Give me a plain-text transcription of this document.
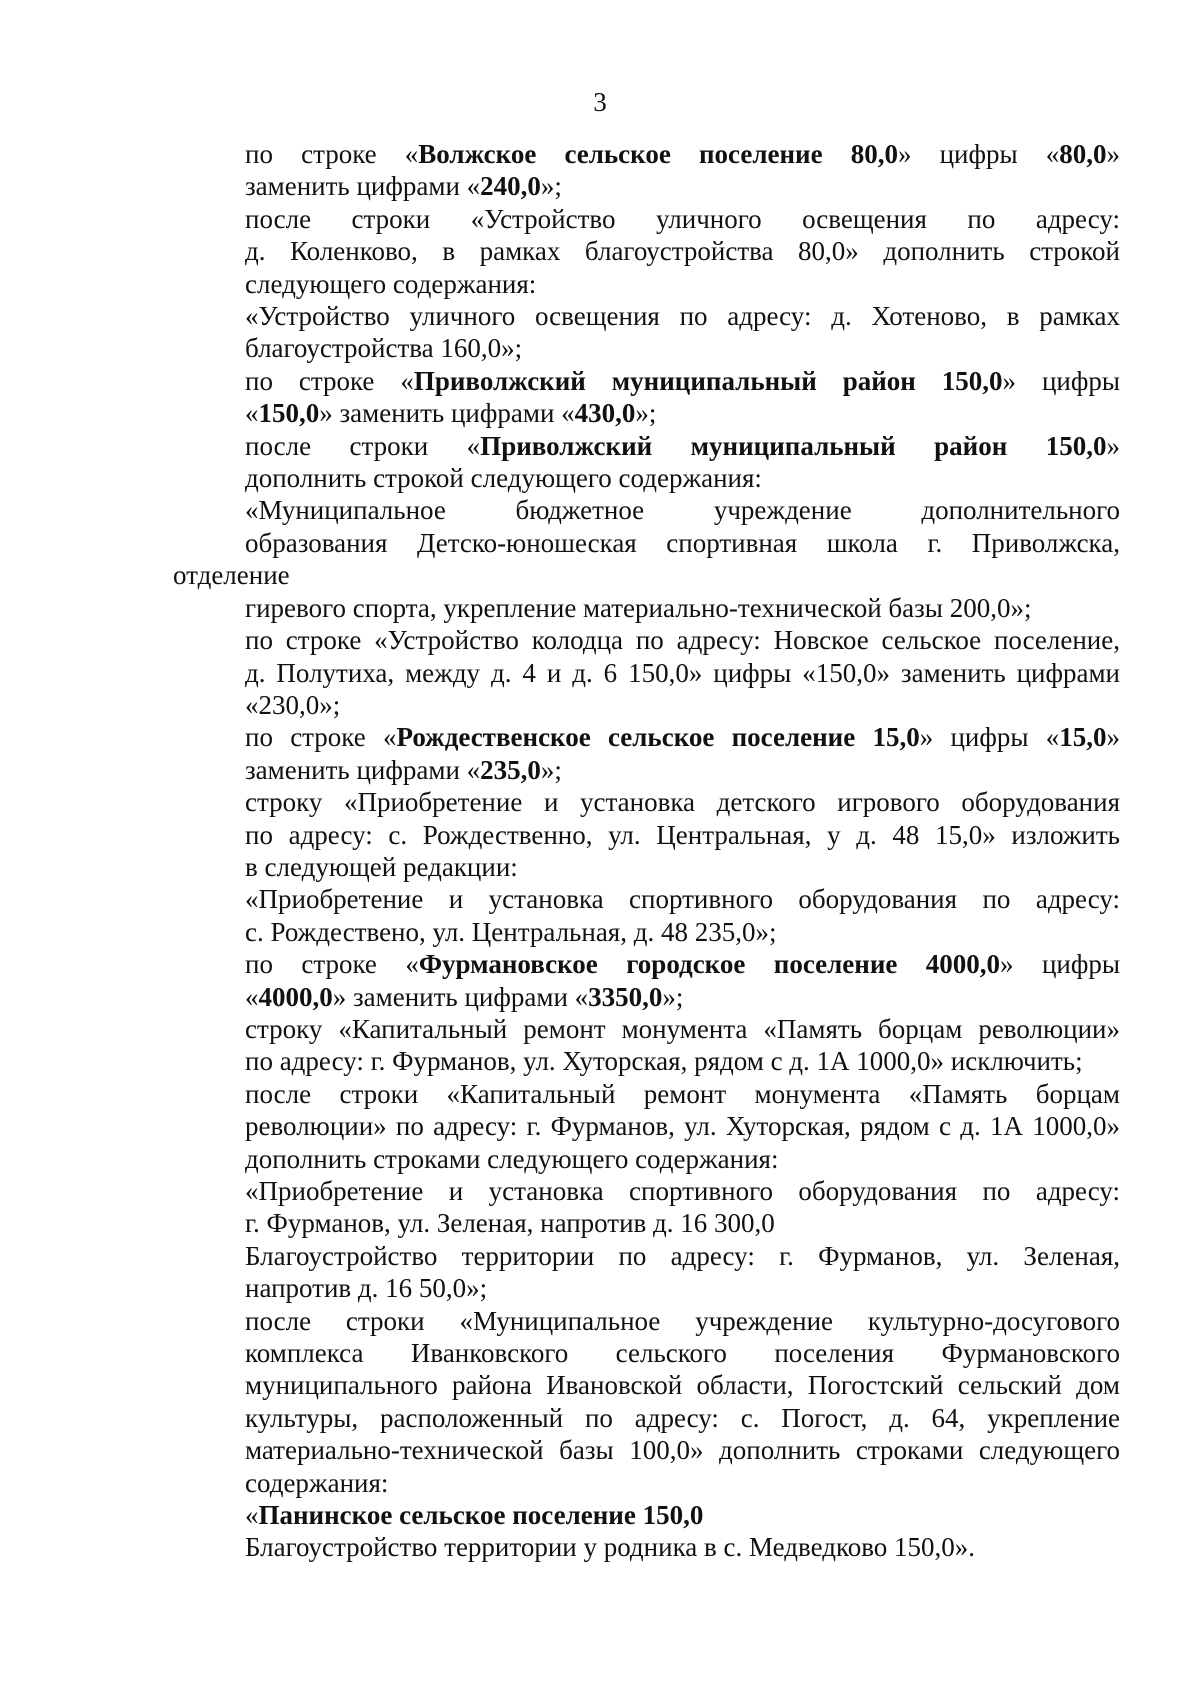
3

по строке «Волжское сельское поселение 80,0» цифры «80,0»
заменить цифрами «240,0»;

после строки «Устройство уличного освещения по адресу:
д. Коленково, в рамках благоустройства 80,0» дополнить строкой
следующего содержания:

«Устройство уличного освещения по адресу: д. Хотеново, в рамках
благоустройства 160,0»;

по строке «Приволжский муниципальный район 150,0» цифры
«150,0» заменить цифрами «430,0»;

после строки «Приволжский муниципальный район 150,0»
дополнить строкой следующего содержания:

«Муниципальное бюджетное учреждение дополнительного
образования Детско-юношеская спортивная школа г. Приволжска, отделение
гиревого спорта, укрепление материально-технической базы 200,0»;

по строке «Устройство колодца по адресу: Новское сельское поселение,
д. Полутиха, между д. 4 и д. 6 150,0» цифры «150,0» заменить цифрами
«230,0»;

по строке «Рождественское сельское поселение 15,0» цифры «15,0»
заменить цифрами «235,0»;

строку «Приобретение и установка детского игрового оборудования
по адресу: с. Рождественно, ул. Центральная, у д. 48 15,0» изложить
в следующей редакции:

«Приобретение и установка спортивного оборудования по адресу:
с. Рождествено, ул. Центральная, д. 48 235,0»;

по строке «Фурмановское городское поселение 4000,0» цифры
«4000,0» заменить цифрами «3350,0»;

строку «Капитальный ремонт монумента «Память борцам революции»
по адресу: г. Фурманов, ул. Хуторская, рядом с д. 1А 1000,0» исключить;

после строки «Капитальный ремонт монумента «Память борцам
революции» по адресу: г. Фурманов, ул. Хуторская, рядом с д. 1А 1000,0»
дополнить строками следующего содержания:

«Приобретение и установка спортивного оборудования по адресу:
г. Фурманов, ул. Зеленая, напротив д. 16 300,0

Благоустройство территории по адресу: г. Фурманов, ул. Зеленая,
напротив д. 16 50,0»;

после строки «Муниципальное учреждение культурно-досугового
комплекса Иванковского сельского поселения Фурмановского
муниципального района Ивановской области, Погостский сельский дом
культуры, расположенный по адресу: с. Погост, д. 64, укрепление
материально-технической базы 100,0» дополнить строками следующего
содержания:

«Панинское сельское поселение 150,0

Благоустройство территории у родника в с. Медведково 150,0».
